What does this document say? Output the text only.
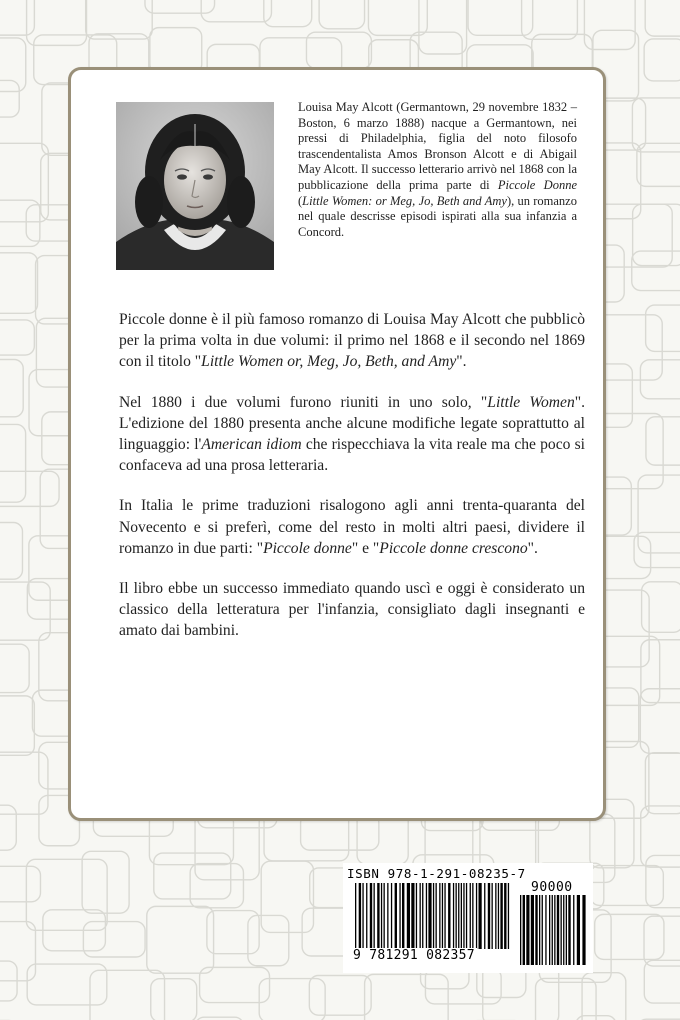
Louisa May Alcott (Germantown, 29 novembre 1832 – Boston, 6 marzo 1888) nacque a Germantown, nei pressi di Philadelphia, figlia del noto filosofo trascendentalista Amos Bronson Alcott e di Abigail May Alcott. Il successo letterario arrivò nel 1868 con la pubblicazione della prima parte di Piccole Donne (Little Women: or Meg, Jo, Beth and Amy), un romanzo nel quale descrisse episodi ispirati alla sua infanzia a Concord.

Piccole donne è il più famoso romanzo di Louisa May Alcott che pubblicò per la prima volta in due volumi: il primo nel 1868 e il secondo nel 1869 con il titolo "Little Women or, Meg, Jo, Beth, and Amy".

Nel 1880 i due volumi furono riuniti in uno solo, "Little Women". L'edizione del 1880 presenta anche alcune modifiche legate soprattutto al linguaggio: l'American idiom che rispecchiava la vita reale ma che poco si confaceva ad una prosa letteraria.

In Italia le prime traduzioni risalogono agli anni trenta-quaranta del Novecento e si preferì, come del resto in molti altri paesi, dividere il romanzo in due parti: "Piccole donne" e "Piccole donne crescono".

Il libro ebbe un successo immediato quando uscì e oggi è considerato un classico della letteratura per l'infanzia, consigliato dagli insegnanti e amato dai bambini.

ISBN 978-1-291-08235-7
9 781291 082357
90000
